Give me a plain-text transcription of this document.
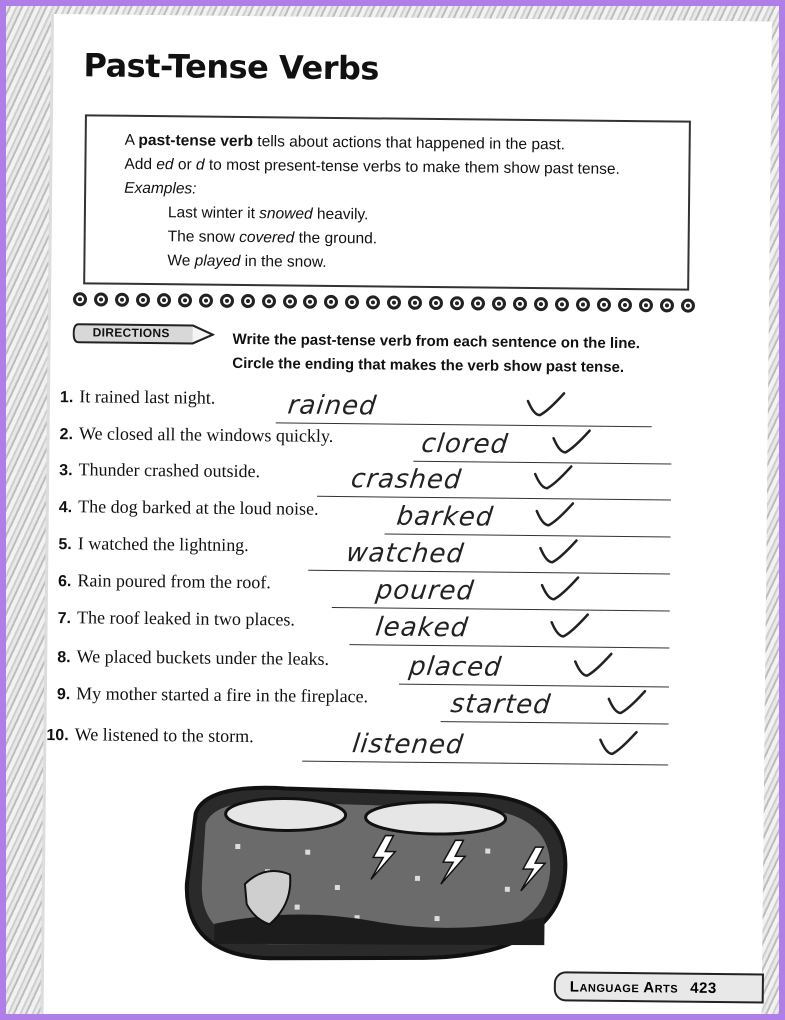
Past-Tense Verbs
A past-tense verb tells about actions that happened in the past.
Add ed or d to most present-tense verbs to make them show past tense.
Examples:
Last winter it snowed heavily.
The snow covered the ground.
We played in the snow.
DIRECTIONS	Write the past-tense verb from each sentence on the line.
Circle the ending that makes the verb show past tense.
1. It rained last night.	rained
2. We closed all the windows quickly.	clored
3. Thunder crashed outside.	crashed
4. The dog barked at the loud noise.	barked
5. I watched the lightning.	watched
6. Rain poured from the roof.	poured
7. The roof leaked in two places.	leaked
8. We placed buckets under the leaks.	placed
9. My mother started a fire in the fireplace.	started
10. We listened to the storm.	listened
Language Arts 423
